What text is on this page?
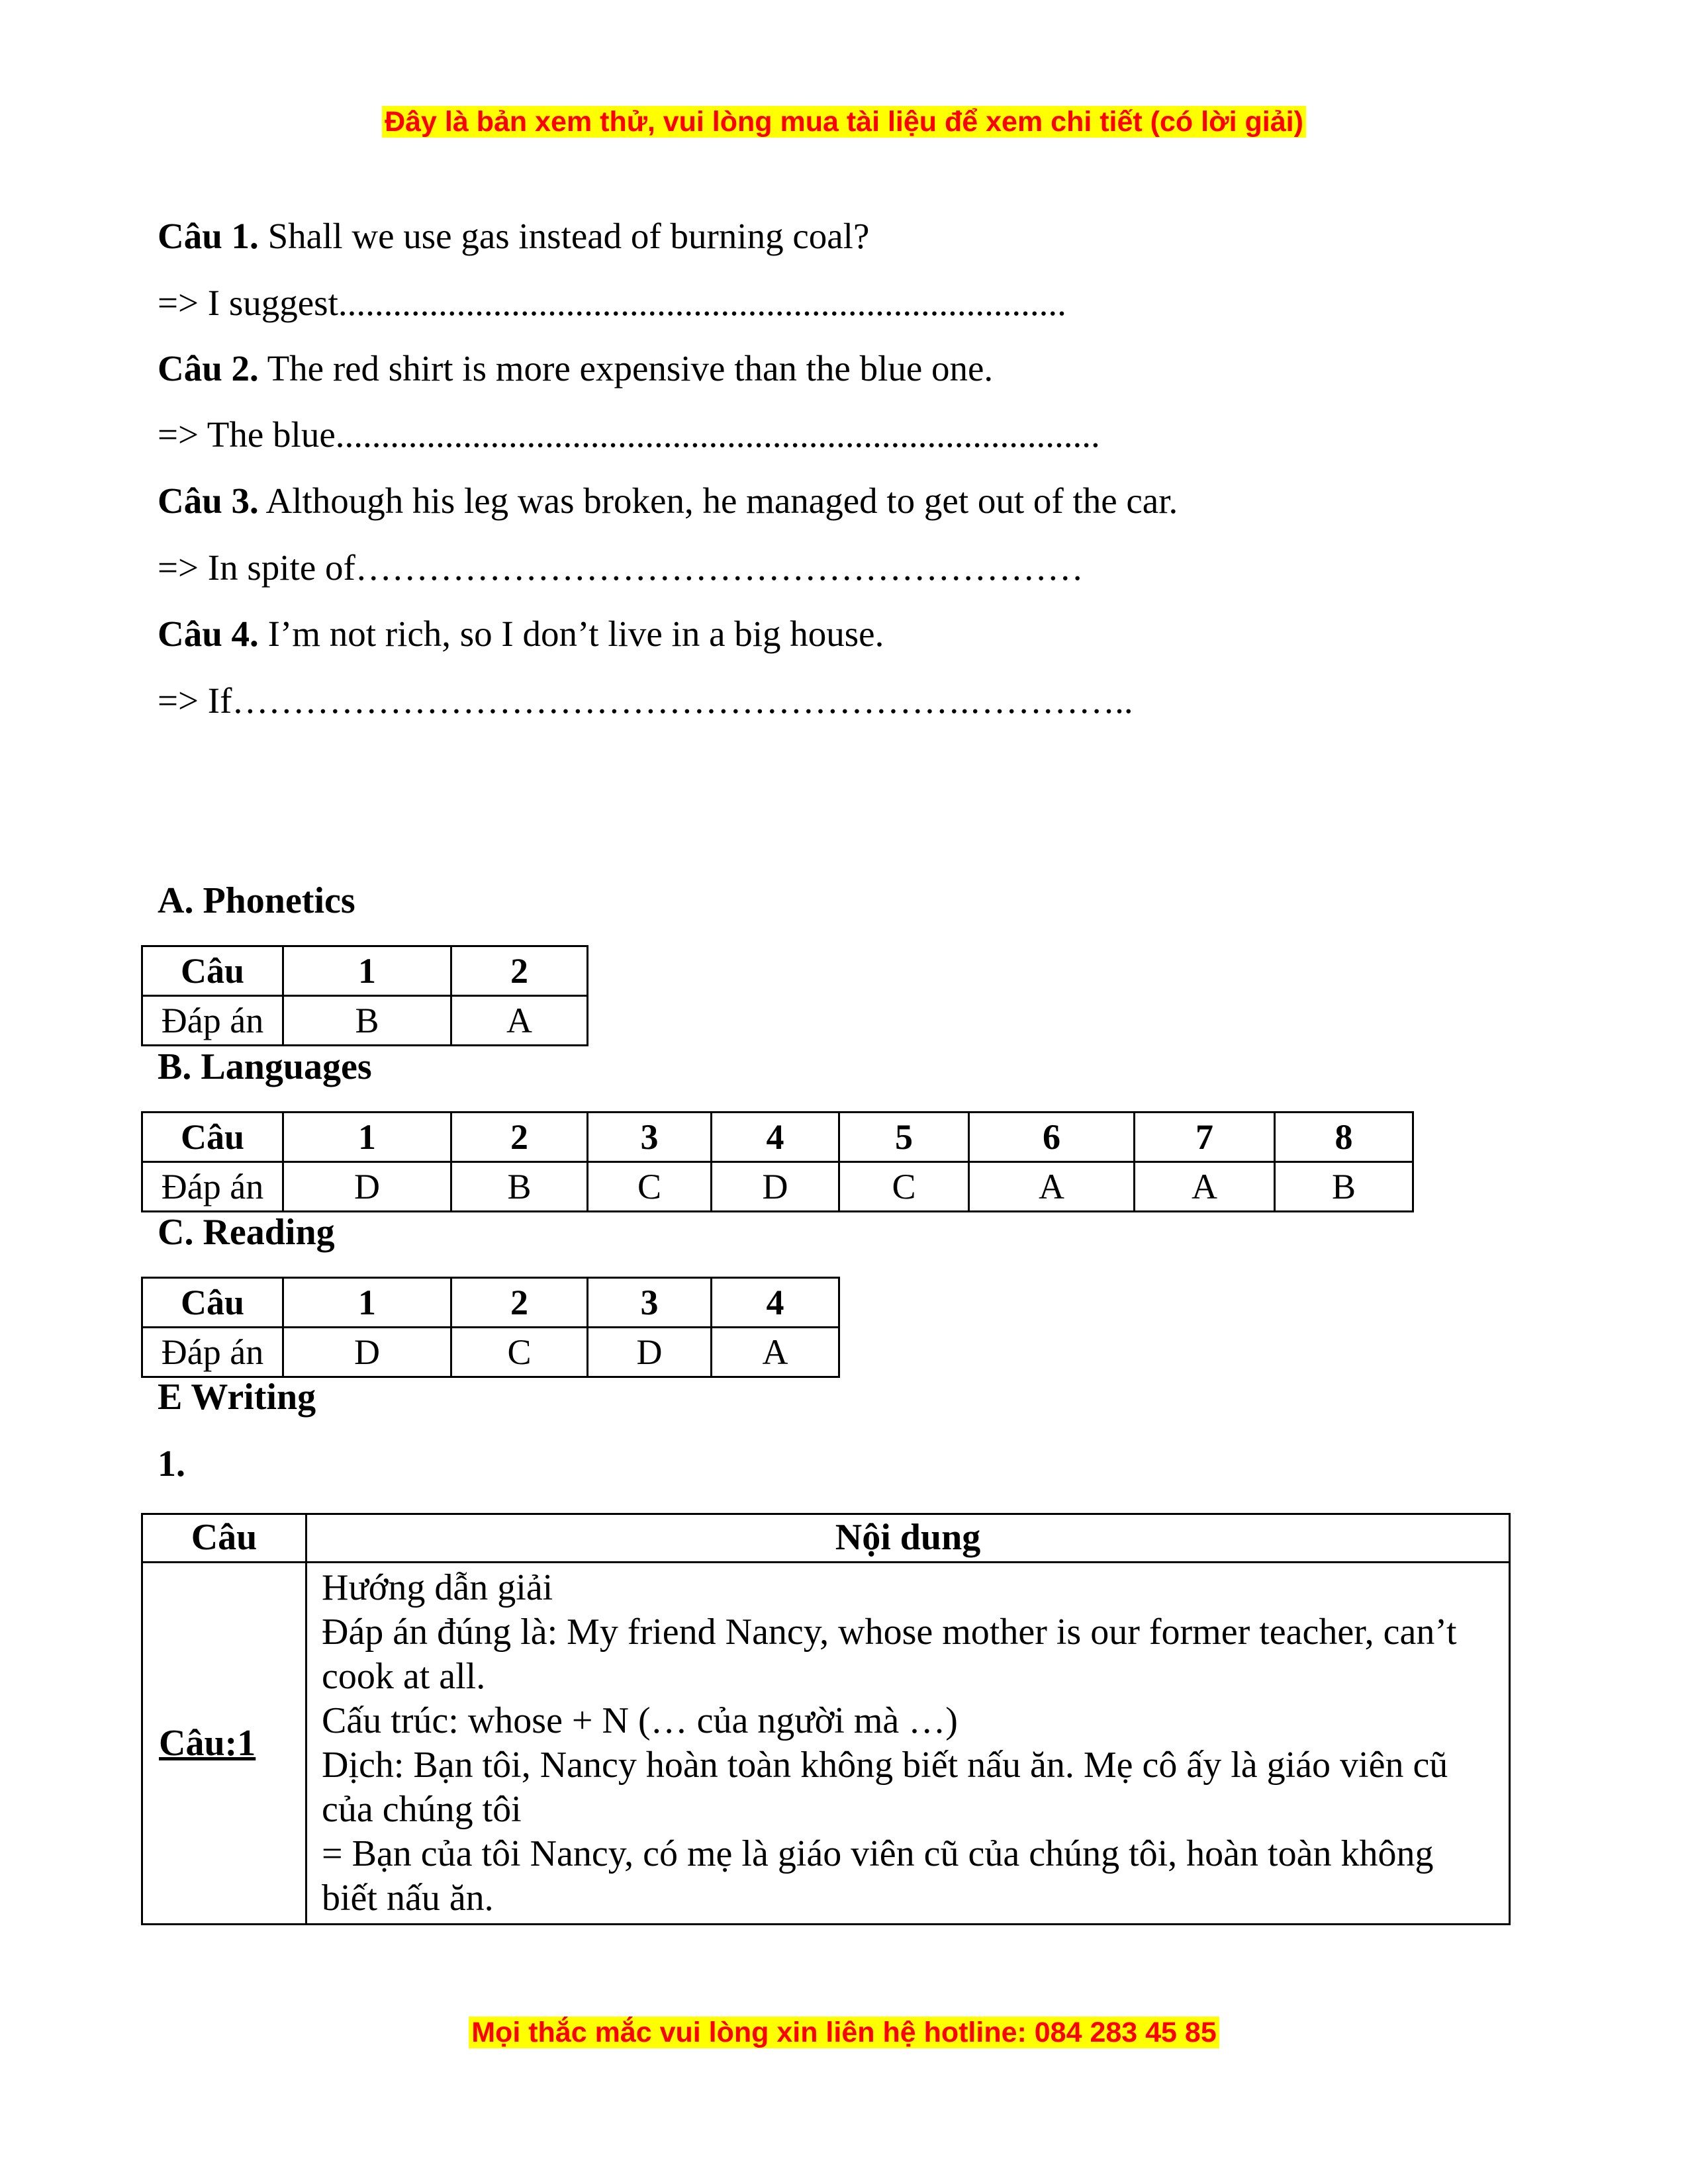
Đây là bản xem thử, vui lòng mua tài liệu để xem chi tiết (có lời giải)
Câu 1. Shall we use gas instead of burning coal?
=> I suggest................................................................................
Câu 2. The red shirt is more expensive than the blue one.
=> The blue....................................................................................
Câu 3. Although his leg was broken, he managed to get out of the car.
=> In spite of……………………………………………………
Câu 4. I’m not rich, so I don’t live in a big house.
=> If…………………………………………………….…………..
A. Phonetics
Câu	1	2
Đáp án	B	A
B. Languages
Câu	1	2	3	4	5	6	7	8
Đáp án	D	B	C	D	C	A	A	B
C. Reading
Câu	1	2	3	4
Đáp án	D	C	D	A
E Writing
1.
Câu	Nội dung
Câu:1	Hướng dẫn giải
Đáp án đúng là: My friend Nancy, whose mother is our former teacher, can’t cook at all.
Cấu trúc: whose + N (… của người mà …)
Dịch: Bạn tôi, Nancy hoàn toàn không biết nấu ăn. Mẹ cô ấy là giáo viên cũ của chúng tôi
= Bạn của tôi Nancy, có mẹ là giáo viên cũ của chúng tôi, hoàn toàn không biết nấu ăn.
Mọi thắc mắc vui lòng xin liên hệ hotline: 084 283 45 85
